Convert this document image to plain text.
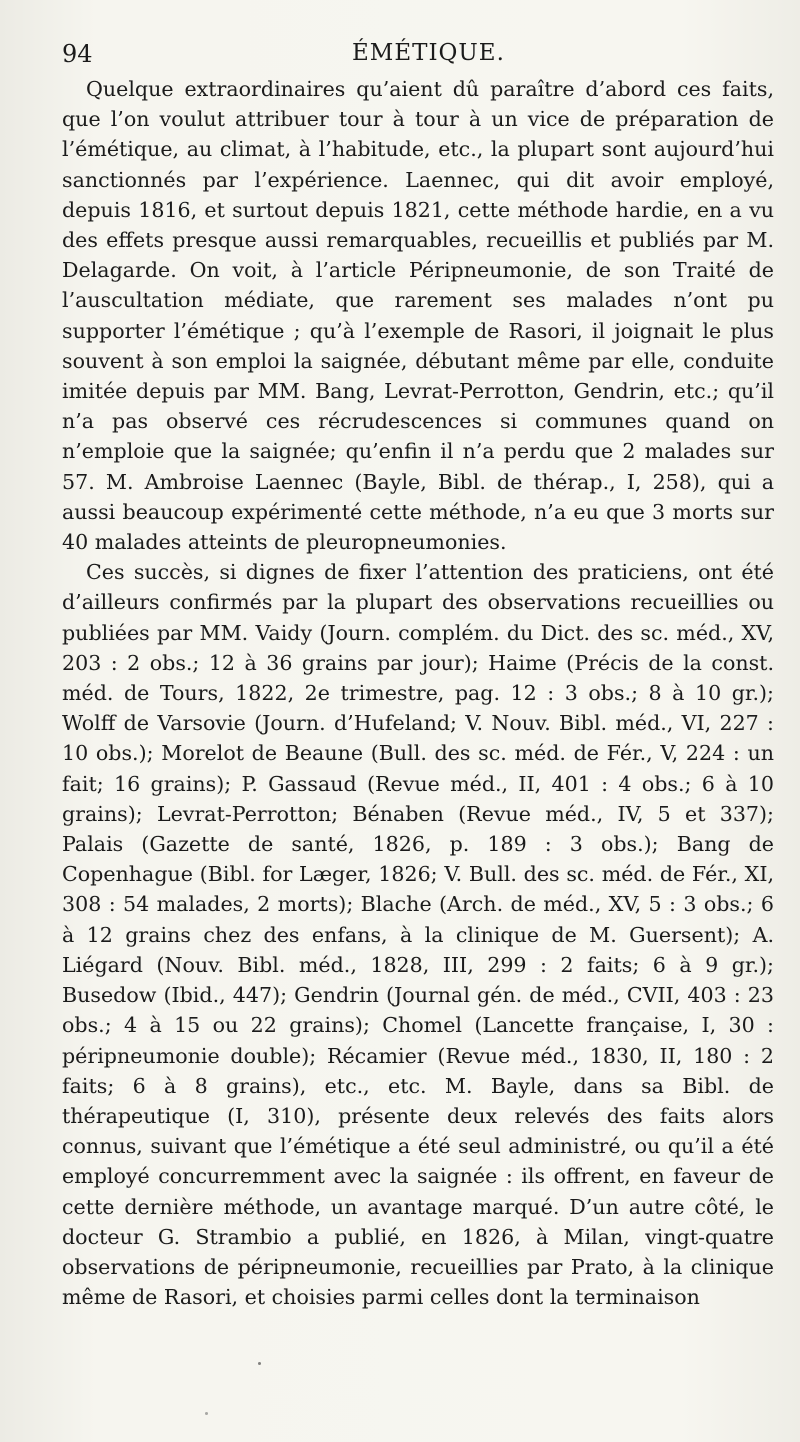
94	ÉMÉTIQUE.

Quelque extraordinaires qu’aient dû paraître d’abord ces faits, que l’on voulut attribuer tour à tour à un vice de préparation de l’émétique, au climat, à l’habitude, etc., la plupart sont aujourd’hui sanctionnés par l’expérience. Laennec, qui dit avoir employé, depuis 1816, et surtout depuis 1821, cette méthode hardie, en a vu des effets presque aussi remarquables, recueillis et publiés par M. Delagarde. On voit, à l’article Péripneumonie, de son Traité de l’auscultation médiate, que rarement ses malades n’ont pu supporter l’émétique ; qu’à l’exemple de Rasori, il joignait le plus souvent à son emploi la saignée, débutant même par elle, conduite imitée depuis par MM. Bang, Levrat-Perrotton, Gendrin, etc.; qu’il n’a pas observé ces récrudescences si communes quand on n’emploie que la saignée; qu’enfin il n’a perdu que 2 malades sur 57. M. Ambroise Laennec (Bayle, Bibl. de thérap., I, 258), qui a aussi beaucoup expérimenté cette méthode, n’a eu que 3 morts sur 40 malades atteints de pleuropneumonies.

Ces succès, si dignes de fixer l’attention des praticiens, ont été d’ailleurs confirmés par la plupart des observations recueillies ou publiées par MM. Vaidy (Journ. complém. du Dict. des sc. méd., XV, 203 : 2 obs.; 12 à 36 grains par jour); Haime (Précis de la const. méd. de Tours, 1822, 2e trimestre, pag. 12 : 3 obs.; 8 à 10 gr.); Wolff de Varsovie (Journ. d’Hufeland; V. Nouv. Bibl. méd., VI, 227 : 10 obs.); Morelot de Beaune (Bull. des sc. méd. de Fér., V, 224 : un fait; 16 grains); P. Gassaud (Revue méd., II, 401 : 4 obs.; 6 à 10 grains); Levrat-Perrotton; Bénaben (Revue méd., IV, 5 et 337); Palais (Gazette de santé, 1826, p. 189 : 3 obs.); Bang de Copenhague (Bibl. for Læger, 1826; V. Bull. des sc. méd. de Fér., XI, 308 : 54 malades, 2 morts); Blache (Arch. de méd., XV, 5 : 3 obs.; 6 à 12 grains chez des enfans, à la clinique de M. Guersent); A. Liégard (Nouv. Bibl. méd., 1828, III, 299 : 2 faits; 6 à 9 gr.); Busedow (Ibid., 447); Gendrin (Journal gén. de méd., CVII, 403 : 23 obs.; 4 à 15 ou 22 grains); Chomel (Lancette française, I, 30 : péripneumonie double); Récamier (Revue méd., 1830, II, 180 : 2 faits; 6 à 8 grains), etc., etc. M. Bayle, dans sa Bibl. de thérapeutique (I, 310), présente deux relevés des faits alors connus, suivant que l’émétique a été seul administré, ou qu’il a été employé concurremment avec la saignée : ils offrent, en faveur de cette dernière méthode, un avantage marqué. D’un autre côté, le docteur G. Strambio a publié, en 1826, à Milan, vingt-quatre observations de péripneumonie, recueillies par Prato, à la clinique même de Rasori, et choisies parmi celles dont la terminaison
